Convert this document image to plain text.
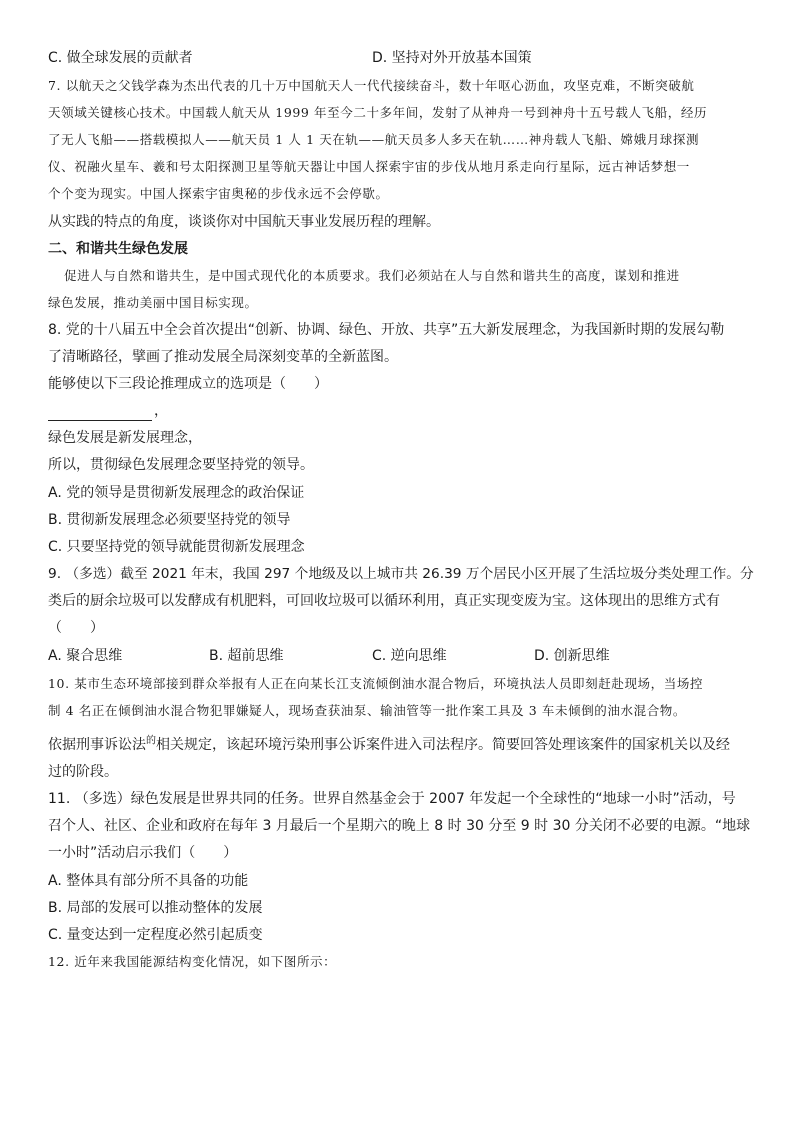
C. 做全球发展的贡献者	D. 坚持对外开放基本国策
7. 以航天之父钱学森为杰出代表的几十万中国航天人一代代接续奋斗，数十年呕心沥血，攻坚克难，不断突破航
天领域关键核心技术。中国载人航天从 1999 年至今二十多年间，发射了从神舟一号到神舟十五号载人飞船，经历
了无人飞船——搭载模拟人——航天员 1 人 1 天在轨——航天员多人多天在轨……神舟载人飞船、嫦娥月球探测
仪、祝融火星车、羲和号太阳探测卫星等航天器让中国人探索宇宙的步伐从地月系走向行星际，远古神话梦想一
个个变为现实。中国人探索宇宙奥秘的步伐永远不会停歇。
从实践的特点的角度，谈谈你对中国航天事业发展历程的理解。
二、和谐共生绿色发展
促进人与自然和谐共生，是中国式现代化的本质要求。我们必须站在人与自然和谐共生的高度，谋划和推进
绿色发展，推动美丽中国目标实现。
8. 党的十八届五中全会首次提出“创新、协调、绿色、开放、共享”五大新发展理念，为我国新时期的发展勾勒
了清晰路径，擘画了推动发展全局深刻变革的全新蓝图。
能够使以下三段论推理成立的选项是（　　）
，
绿色发展是新发展理念，
所以，贯彻绿色发展理念要坚持党的领导。
A. 党的领导是贯彻新发展理念的政治保证
B. 贯彻新发展理念必须要坚持党的领导
C. 只要坚持党的领导就能贯彻新发展理念
9. （多选）截至 2021 年末，我国 297 个地级及以上城市共 26.39 万个居民小区开展了生活垃圾分类处理工作。分
类后的厨余垃圾可以发酵成有机肥料，可回收垃圾可以循环利用，真正实现变废为宝。这体现出的思维方式有
（　　）
A. 聚合思维	B. 超前思维	C. 逆向思维	D. 创新思维
10. 某市生态环境部接到群众举报有人正在向某长江支流倾倒油水混合物后，环境执法人员即刻赶赴现场，当场控
制 4 名正在倾倒油水混合物犯罪嫌疑人，现场查获油泵、输油管等一批作案工具及 3 车未倾倒的油水混合物。
依据刑事诉讼法$^的$相关规定，该起环境污染刑事公诉案件进入司法程序。简要回答处理该案件的国家机关以及经
过的阶段。
11. （多选）绿色发展是世界共同的任务。世界自然基金会于 2007 年发起一个全球性的“地球一小时”活动，号
召个人、社区、企业和政府在每年 3 月最后一个星期六的晚上 8 时 30 分至 9 时 30 分关闭不必要的电源。“地球
一小时”活动启示我们（　　）
A. 整体具有部分所不具备的功能
B. 局部的发展可以推动整体的发展
C. 量变达到一定程度必然引起质变
12. 近年来我国能源结构变化情况，如下图所示：
